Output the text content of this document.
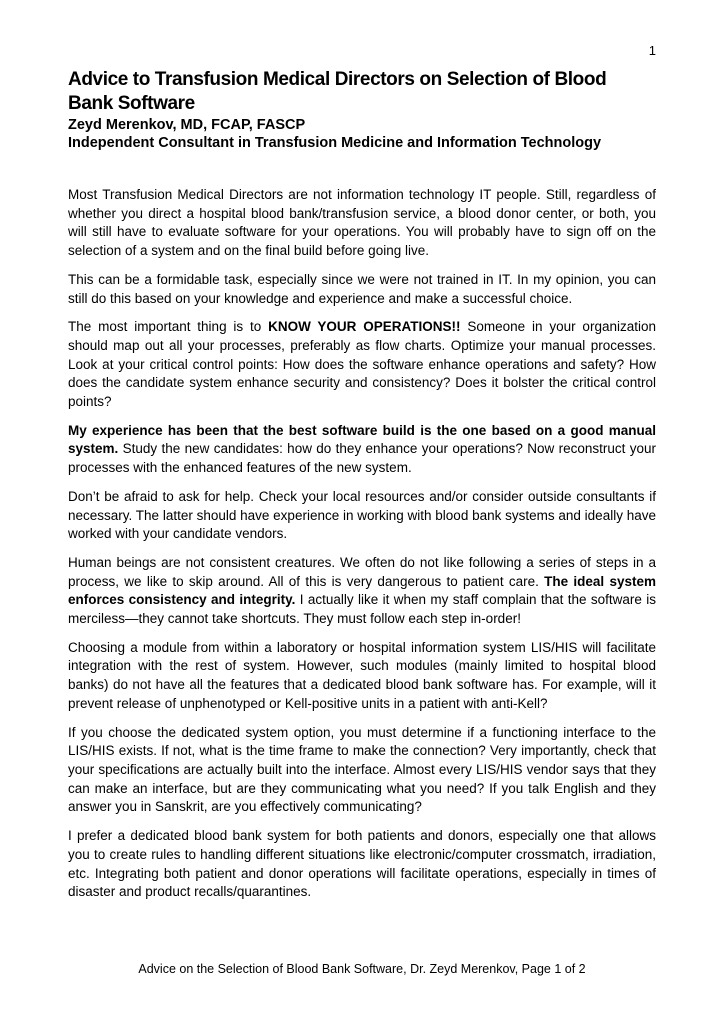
1
Advice to Transfusion Medical Directors on Selection of Blood
Bank Software
Zeyd Merenkov, MD, FCAP, FASCP
Independent Consultant in Transfusion Medicine and Information Technology

Most Transfusion Medical Directors are not information technology IT people. Still, regardless of whether you direct a hospital blood bank/transfusion service, a blood donor center, or both, you will still have to evaluate software for your operations. You will probably have to sign off on the selection of a system and on the final build before going live.

This can be a formidable task, especially since we were not trained in IT. In my opinion, you can still do this based on your knowledge and experience and make a successful choice.

The most important thing is to KNOW YOUR OPERATIONS!! Someone in your organization should map out all your processes, preferably as flow charts. Optimize your manual processes. Look at your critical control points: How does the software enhance operations and safety? How does the candidate system enhance security and consistency? Does it bolster the critical control points?

My experience has been that the best software build is the one based on a good manual system. Study the new candidates: how do they enhance your operations? Now reconstruct your processes with the enhanced features of the new system.

Don’t be afraid to ask for help. Check your local resources and/or consider outside consultants if necessary. The latter should have experience in working with blood bank systems and ideally have worked with your candidate vendors.

Human beings are not consistent creatures. We often do not like following a series of steps in a process, we like to skip around. All of this is very dangerous to patient care. The ideal system enforces consistency and integrity. I actually like it when my staff complain that the software is merciless—they cannot take shortcuts. They must follow each step in-order!

Choosing a module from within a laboratory or hospital information system LIS/HIS will facilitate integration with the rest of system. However, such modules (mainly limited to hospital blood banks) do not have all the features that a dedicated blood bank software has. For example, will it prevent release of unphenotyped or Kell-positive units in a patient with anti-Kell?

If you choose the dedicated system option, you must determine if a functioning interface to the LIS/HIS exists. If not, what is the time frame to make the connection? Very importantly, check that your specifications are actually built into the interface. Almost every LIS/HIS vendor says that they can make an interface, but are they communicating what you need? If you talk English and they answer you in Sanskrit, are you effectively communicating?

I prefer a dedicated blood bank system for both patients and donors, especially one that allows you to create rules to handling different situations like electronic/computer crossmatch, irradiation, etc. Integrating both patient and donor operations will facilitate operations, especially in times of disaster and product recalls/quarantines.

Advice on the Selection of Blood Bank Software, Dr. Zeyd Merenkov, Page 1 of 2
